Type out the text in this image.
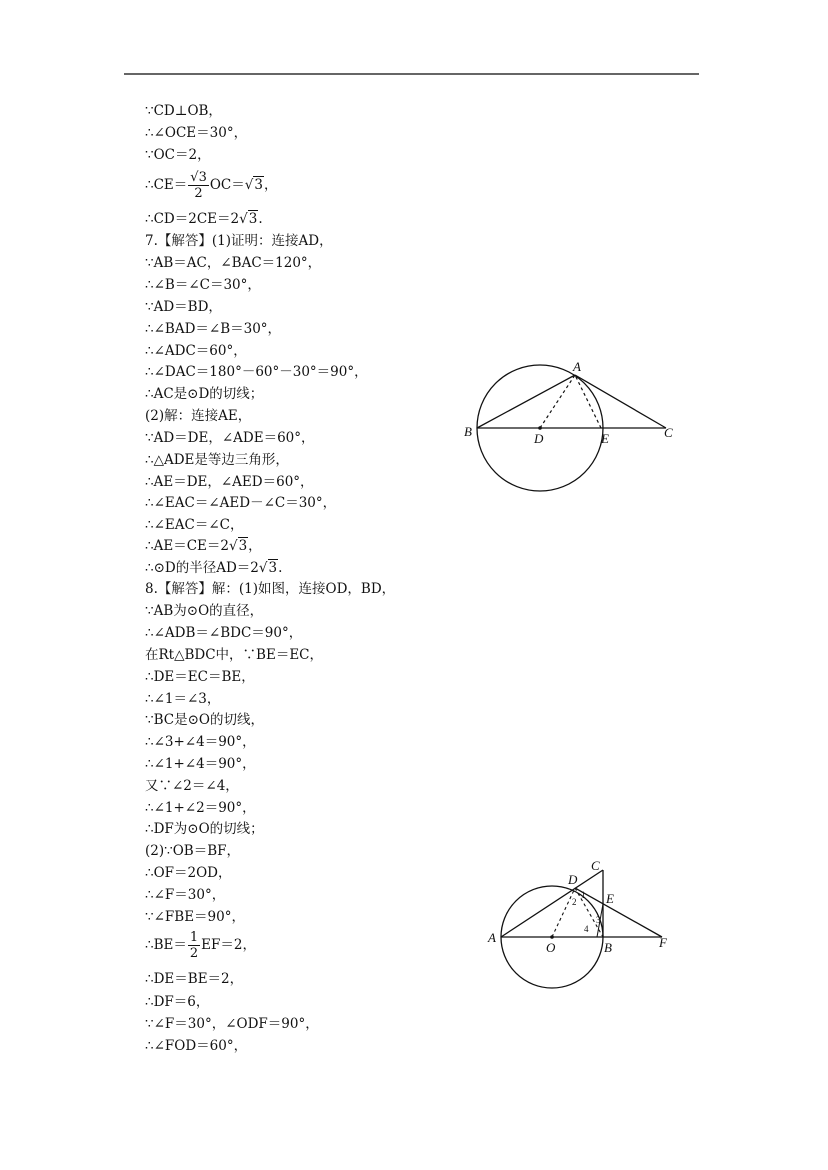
∵CD⊥OB，
∴∠OCE＝30°，
∵OC＝2，
∴CE＝ $\frac{√3}{2} OC=√3$，
∴CD＝2CE＝2√3.
7.【解答】(1)证明：连接AD，
∵AB＝AC，∠BAC＝120°，
∴∠B＝∠C＝30°，
∵AD＝BD，
∴∠BAD＝∠B＝30°，
∴∠ADC＝60°，
∴∠DAC＝180°－60°－30°＝90°，
∴AC是⊙D的切线；
(2)解：连接AE，
∵AD＝DE，∠ADE＝60°，
∴△ADE是等边三角形，
∴AE＝DE，∠AED＝60°，
∴∠EAC＝∠AED－∠C＝30°，
∴∠EAC＝∠C，
∴AE＝CE＝2√3，
∴⊙D的半径AD＝2√3.
8.【解答】解：(1)如图，连接OD，BD，
∵AB为⊙O的直径，
∴∠ADB＝∠BDC＝90°，
在Rt△BDC中，∵BE＝EC，
∴DE＝EC＝BE，
∴∠1＝∠3，
∵BC是⊙O的切线，
∴∠3+∠4＝90°，
∴∠1+∠4＝90°，
又∵∠2＝∠4，
∴∠1+∠2＝90°，
∴DF为⊙O的切线；
(2)∵OB＝BF，
∴OF＝2OD，
∴∠F＝30°，
∵∠FBE＝90°，
∴BE＝ $\frac{1}{2} EF=2$，
∴DE＝BE＝2，
∴DF＝6，
∵∠F＝30°，∠ODF＝90°，
∴∠FOD＝60°，
A
B	C
D	E
A
B
C
D
E
F
O
1
2
3
4
